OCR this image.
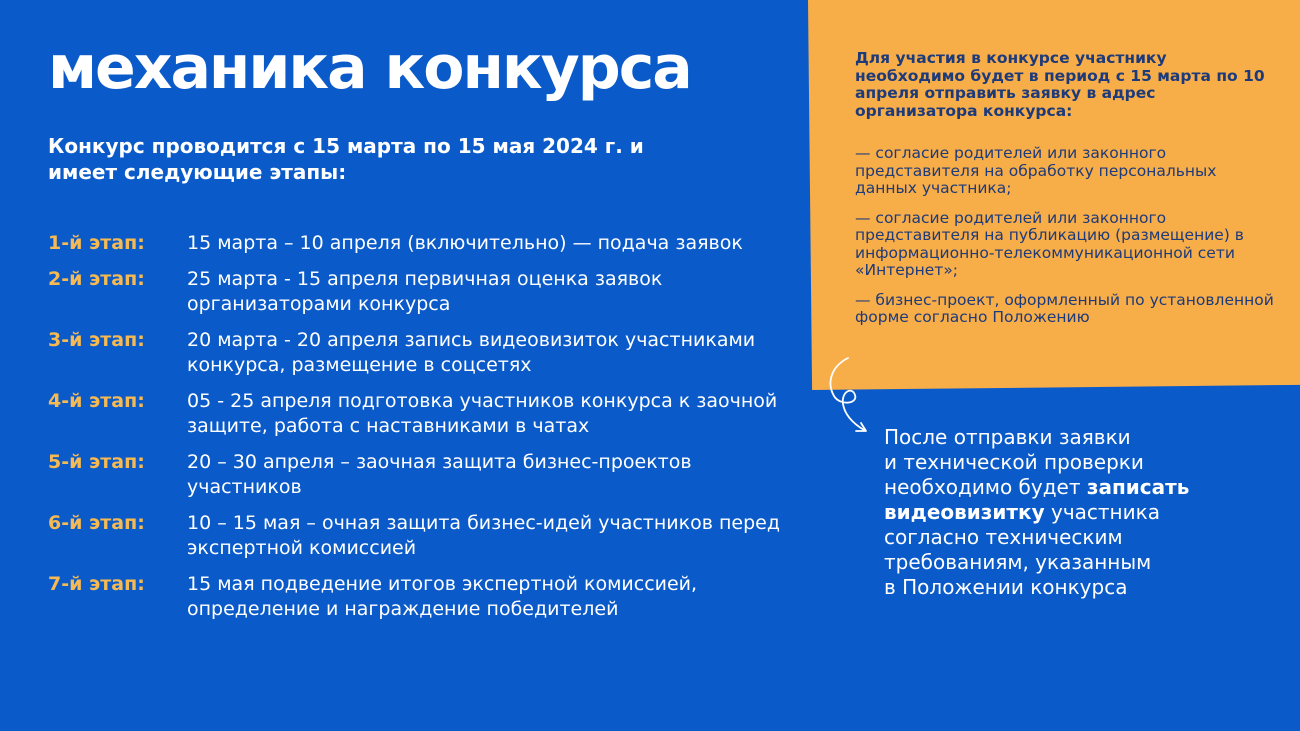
механика конкурса
Конкурс проводится с 15 марта по 15 мая 2024 г. и имеет следующие этапы:
1-й этап:	15 марта – 10 апреля (включительно) — подача заявок
2-й этап:	25 марта - 15 апреля первичная оценка заявок организаторами конкурса
3-й этап:	20 марта - 20 апреля запись видеовизиток участниками конкурса, размещение в соцсетях
4-й этап:	05 - 25 апреля подготовка участников конкурса к заочной защите, работа с наставниками в чатах
5-й этап:	20 – 30 апреля – заочная защита бизнес-проектов участников
6-й этап:	10 – 15 мая – очная защита бизнес-идей участников перед экспертной комиссией
7-й этап:	15 мая подведение итогов экспертной комиссией, определение и награждение победителей

Для участия в конкурсе участнику необходимо будет в период с 15 марта по 10 апреля отправить заявку в адрес организатора конкурса:

— согласие родителей или законного представителя на обработку персональных данных участника;

— согласие родителей или законного представителя на публикацию (размещение) в информационно-телекоммуникационной сети «Интернет»;

— бизнес-проект, оформленный по установленной форме согласно Положению

После отправки заявки
и технической проверки
необходимо будет записать
видеовизитку участника
согласно техническим
требованиям, указанным
в Положении конкурса
